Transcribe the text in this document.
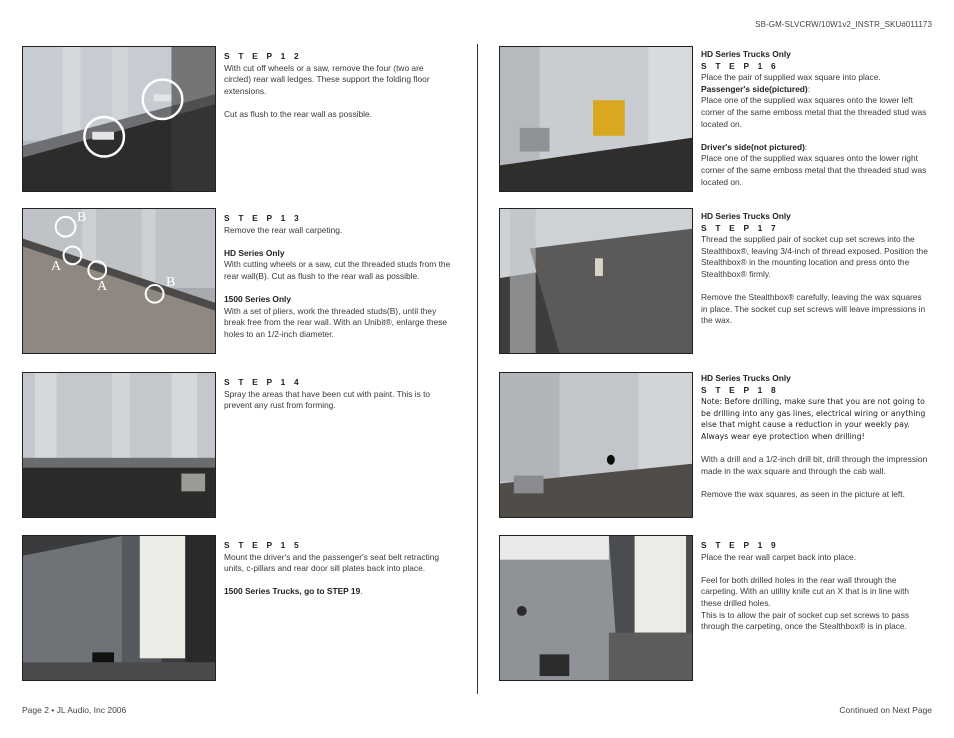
SB-GM-SLVCRW/10W1v2_INSTR_SKU#011173

S T E P 1 2

With cut off wheels or a saw, remove the four (two are circled) rear wall ledges. These support the folding floor extensions.

Cut as flush to the rear wall as possible.

B
A
A	B

S T E P 1 3

Remove the rear wall carpeting.

HD Series Only

With cutting wheels or a saw, cut the threaded studs from the rear wall(B). Cut as flush to the rear wall as possible.

1500 Series Only

With a set of pliers, work the threaded studs(B), until they break free from the rear wall. With an Unibit®, enlarge these holes to an 1/2-inch diameter.

S T E P 1 4

Spray the areas that have been cut with paint. This is to prevent any rust from forming.

S T E P 1 5

Mount the driver's and the passenger's seat belt retracting units, c-pillars and rear door sill plates back into place.

1500 Series Trucks, go to STEP 19.

HD Series Trucks Only

S T E P 1 6

Place the pair of supplied wax square into place.

Passenger's side(pictured):

Place one of the supplied wax squares onto the lower left corner of the same emboss metal that the threaded stud was located on.

Driver's side(not pictured):

Place one of the supplied wax squares onto the lower right corner of the same emboss metal that the threaded stud was located on.

HD Series Trucks Only

S T E P 1 7

Thread the supplied pair of socket cup set screws into the Stealthbox®, leaving 3/4-inch of thread exposed. Position the Stealthbox® in the mounting location and press onto the Stealthbox® firmly.

Remove the Stealthbox® carefully, leaving the wax squares in place. The socket cup set screws will leave impressions in the wax.

HD Series Trucks Only

S T E P 1 8

Note: Before drilling, make sure that you are not going to be drilling into any gas lines, electrical wiring or anything else that might cause a reduction in your weekly pay. Always wear eye protection when drilling!

With a drill and a 1/2-inch drill bit, drill through the impression made in the wax square and through the cab wall.

Remove the wax squares, as seen in the picture at left.

S T E P 1 9

Place the rear wall carpet back into place.

Feel for both drilled holes in the rear wall through the carpeting. With an utility knife cut an X that is in line with these drilled holes.

This is to allow the pair of socket cup set screws to pass through the carpeting, once the Stealthbox® is in place.

Page 2 • JL Audio, Inc 2006	Continued on Next Page
